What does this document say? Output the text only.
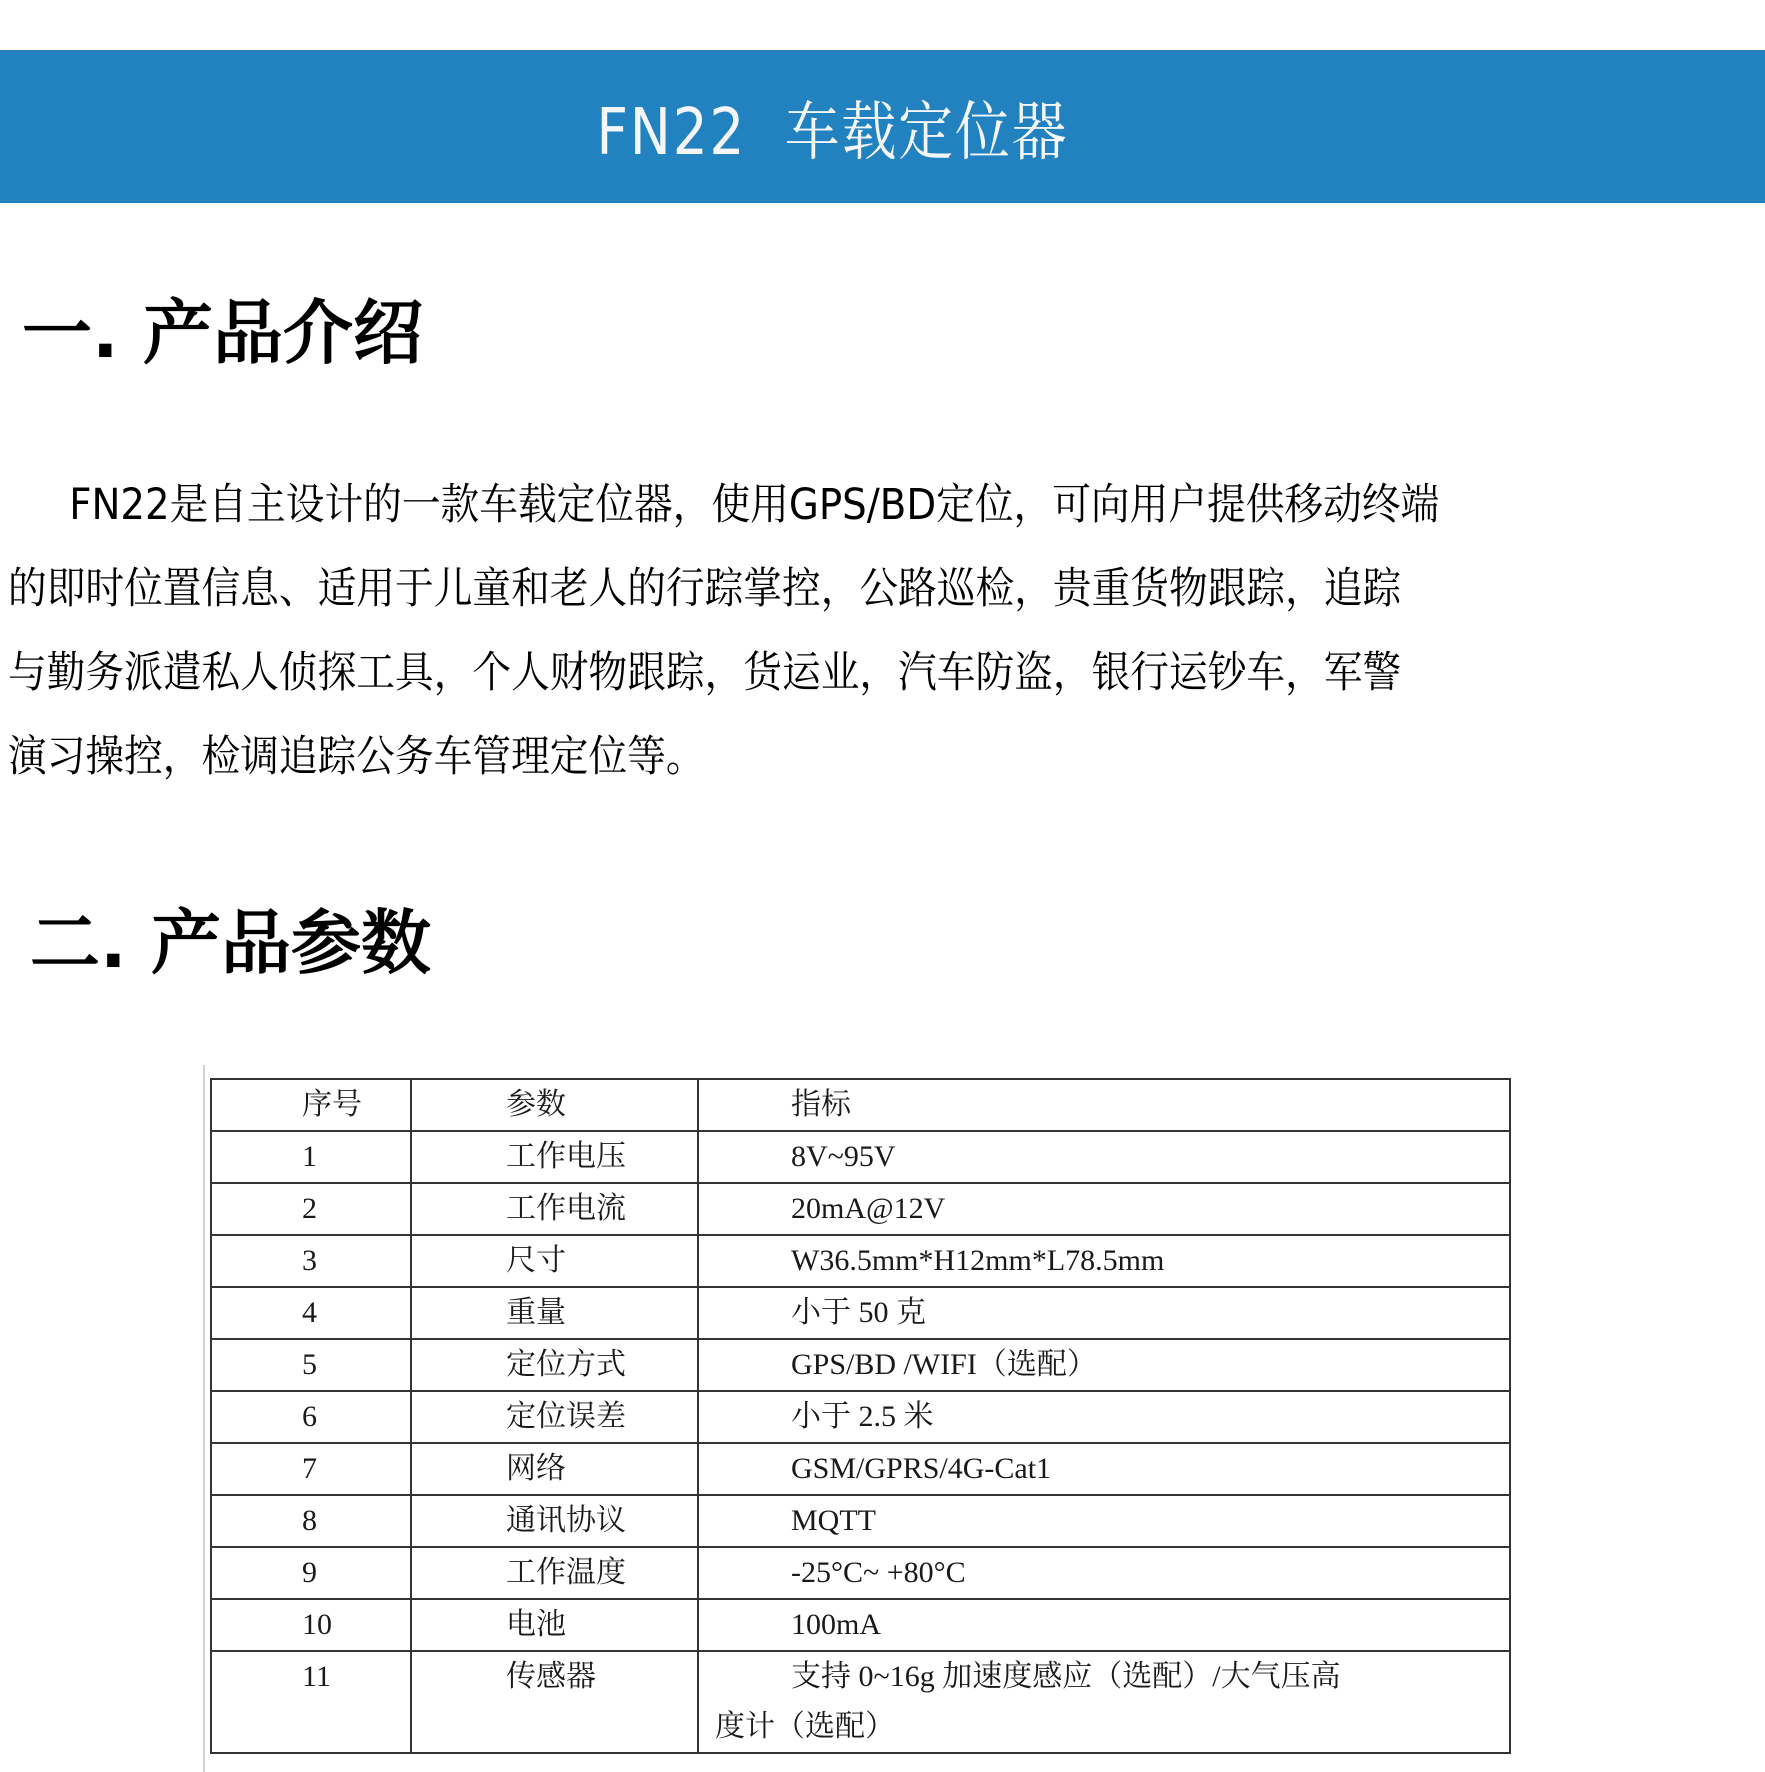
FN22  车载定位器
一. 产品介绍
FN22是自主设计的一款车载定位器，使用GPS/BD定位，可向用户提供移动终端
的即时位置信息、适用于儿童和老人的行踪掌控，公路巡检，贵重货物跟踪，追踪
与勤务派遣私人侦探工具，个人财物跟踪，货运业，汽车防盗，银行运钞车，军警
演习操控，检调追踪公务车管理定位等。
二. 产品参数
序号	参数	指标
1	工作电压	8V~95V
2	工作电流	20mA@12V
3	尺寸	W36.5mm*H12mm*L78.5mm
4	重量	小于 50 克
5	定位方式	GPS/BD /WIFI（选配）
6	定位误差	小于 2.5 米
7	网络	GSM/GPRS/4G-Cat1
8	通讯协议	MQTT
9	工作温度	-25°C~ +80°C
10	电池	100mA
11	传感器	支持 0~16g 加速度感应（选配）/大气压高
度计（选配）
